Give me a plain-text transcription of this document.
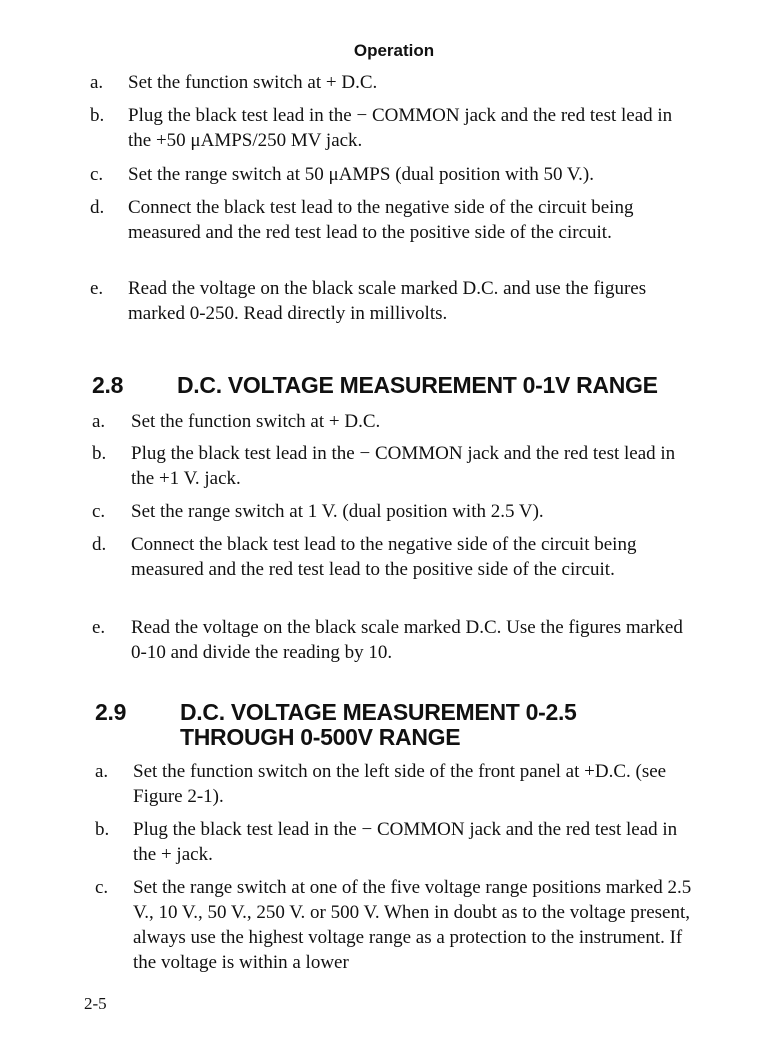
Operation
a. Set the function switch at + D.C.
b. Plug the black test lead in the − COMMON jack and the red test lead in the +50 μAMPS/250 MV jack.
c. Set the range switch at 50 μAMPS (dual position with 50 V.).
d. Connect the black test lead to the negative side of the circuit being measured and the red test lead to the positive side of the circuit.
e. Read the voltage on the black scale marked D.C. and use the figures marked 0-250. Read directly in millivolts.
2.8 D.C. VOLTAGE MEASUREMENT 0-1V RANGE
a. Set the function switch at + D.C.
b. Plug the black test lead in the − COMMON jack and the red test lead in the +1 V. jack.
c. Set the range switch at 1 V. (dual position with 2.5 V).
d. Connect the black test lead to the negative side of the circuit being measured and the red test lead to the positive side of the circuit.
e. Read the voltage on the black scale marked D.C. Use the figures marked 0-10 and divide the reading by 10.
2.9 D.C. VOLTAGE MEASUREMENT 0-2.5 THROUGH 0-500V RANGE
a. Set the function switch on the left side of the front panel at +D.C. (see Figure 2-1).
b. Plug the black test lead in the − COMMON jack and the red test lead in the + jack.
c. Set the range switch at one of the five voltage range positions marked 2.5 V., 10 V., 50 V., 250 V. or 500 V. When in doubt as to the voltage present, always use the highest voltage range as a protection to the instrument. If the voltage is within a lower
2-5
